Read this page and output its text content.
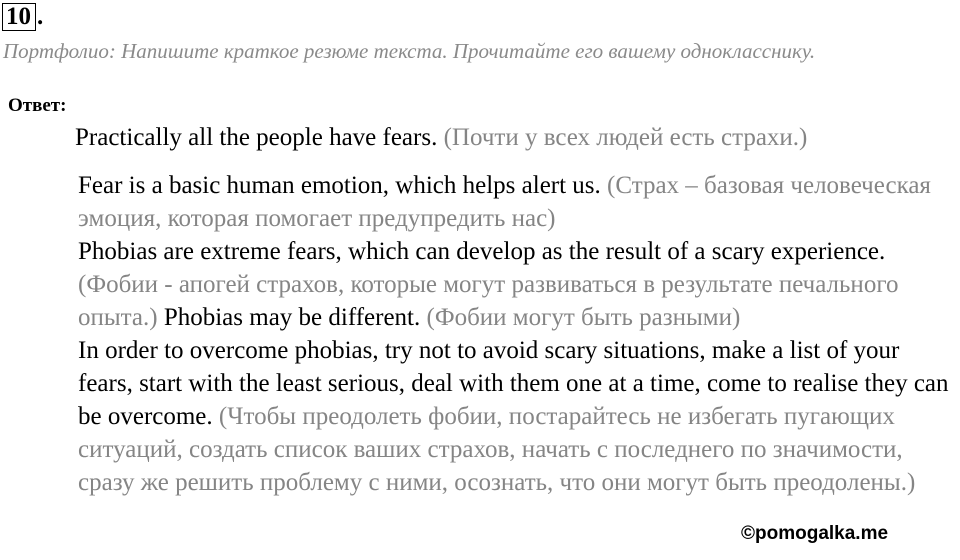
10 .
Портфолио: Напишите краткое резюме текста. Прочитайте его вашему однокласснику.
Ответ:
Practically all the people have fears. (Почти у всех людей есть страхи.)

Fear is a basic human emotion, which helps alert us. (Страх – базовая человеческая эмоция, которая помогает предупредить нас)

Phobias are extreme fears, which can develop as the result of a scary experience. (Фобии - апогей страхов, которые могут развиваться в результате печального опыта.) Phobias may be different. (Фобии могут быть разными)

In order to overcome phobias, try not to avoid scary situations, make a list of your fears, start with the least serious, deal with them one at a time, come to realise they can be overcome. (Чтобы преодолеть фобии, постарайтесь не избегать пугающих ситуаций, создать список ваших страхов, начать с последнего по значимости, сразу же решить проблему с ними, осознать, что они могут быть преодолены.)

©pomogalka.me
